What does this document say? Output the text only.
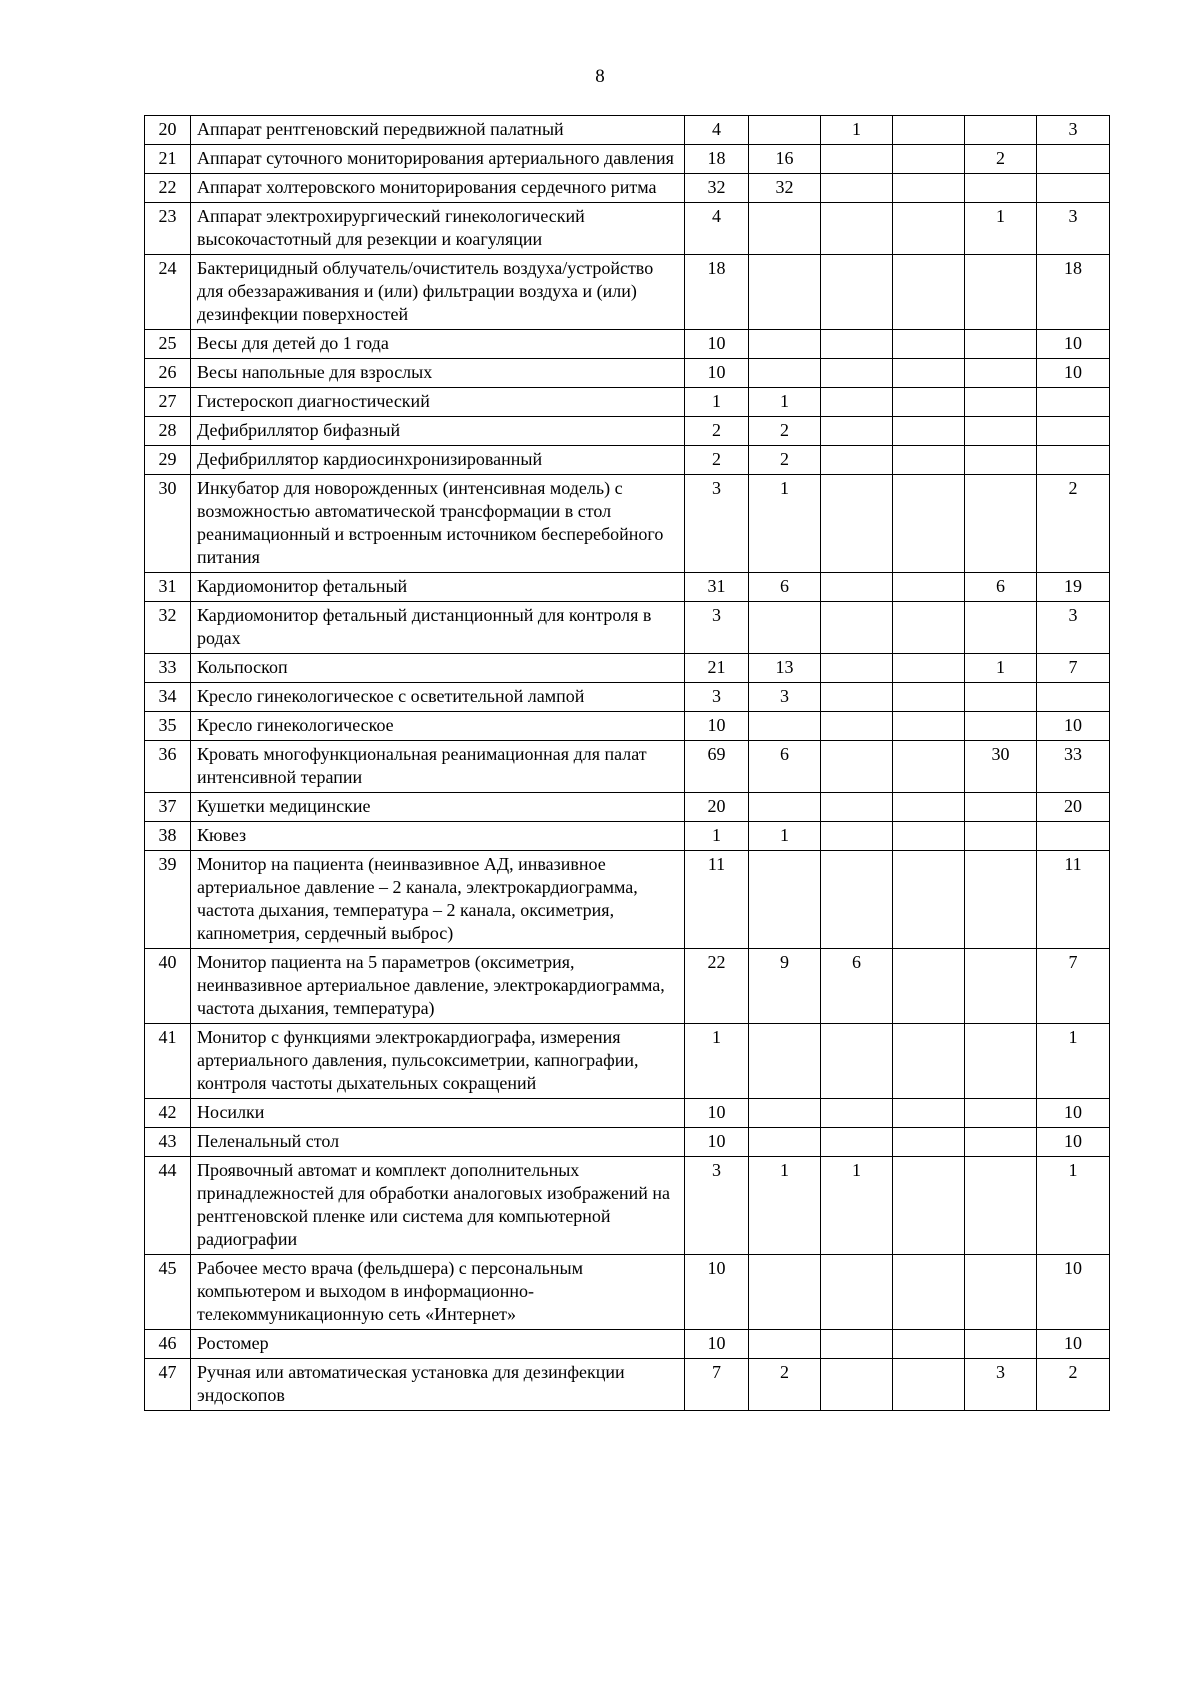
8
20	Аппарат рентгеновский передвижной палатный	4		1			3
21	Аппарат суточного мониторирования артериального давления	18	16			2	
22	Аппарат холтеровского мониторирования сердечного ритма	32	32				
23	Аппарат электрохирургический гинекологический высокочастотный для резекции и коагуляции	4				1	3
24	Бактерицидный облучатель/очиститель воздуха/устройство для обеззараживания и (или) фильтрации воздуха и (или) дезинфекции поверхностей	18					18
25	Весы для детей до 1 года	10					10
26	Весы напольные для взрослых	10					10
27	Гистероскоп диагностический	1	1				
28	Дефибриллятор бифазный	2	2				
29	Дефибриллятор кардиосинхронизированный	2	2				
30	Инкубатор для новорожденных (интенсивная модель) с возможностью автоматической трансформации в стол реанимационный и встроенным источником бесперебойного питания	3	1				2
31	Кардиомонитор фетальный	31	6			6	19
32	Кардиомонитор фетальный дистанционный для контроля в родах	3					3
33	Кольпоскоп	21	13			1	7
34	Кресло гинекологическое с осветительной лампой	3	3				
35	Кресло гинекологическое	10					10
36	Кровать многофункциональная реанимационная для палат интенсивной терапии	69	6			30	33
37	Кушетки медицинские	20					20
38	Кювез	1	1				
39	Монитор на пациента (неинвазивное АД, инвазивное артериальное давление – 2 канала, электрокардиограмма, частота дыхания, температура – 2 канала, оксиметрия, капнометрия, сердечный выброс)	11					11
40	Монитор пациента на 5 параметров (оксиметрия, неинвазивное артериальное давление, электрокардиограмма, частота дыхания, температура)	22	9	6			7
41	Монитор с функциями электрокардиографа, измерения артериального давления, пульсоксиметрии, капнографии, контроля частоты дыхательных сокращений	1					1
42	Носилки	10					10
43	Пеленальный стол	10					10
44	Проявочный автомат и комплект дополнительных принадлежностей для обработки аналоговых изображений на рентгеновской пленке или система для компьютерной радиографии	3	1	1			1
45	Рабочее место врача (фельдшера) с персональным компьютером и выходом в информационно-телекоммуникационную сеть «Интернет»	10					10
46	Ростомер	10					10
47	Ручная или автоматическая установка для дезинфекции эндоскопов	7	2			3	2
